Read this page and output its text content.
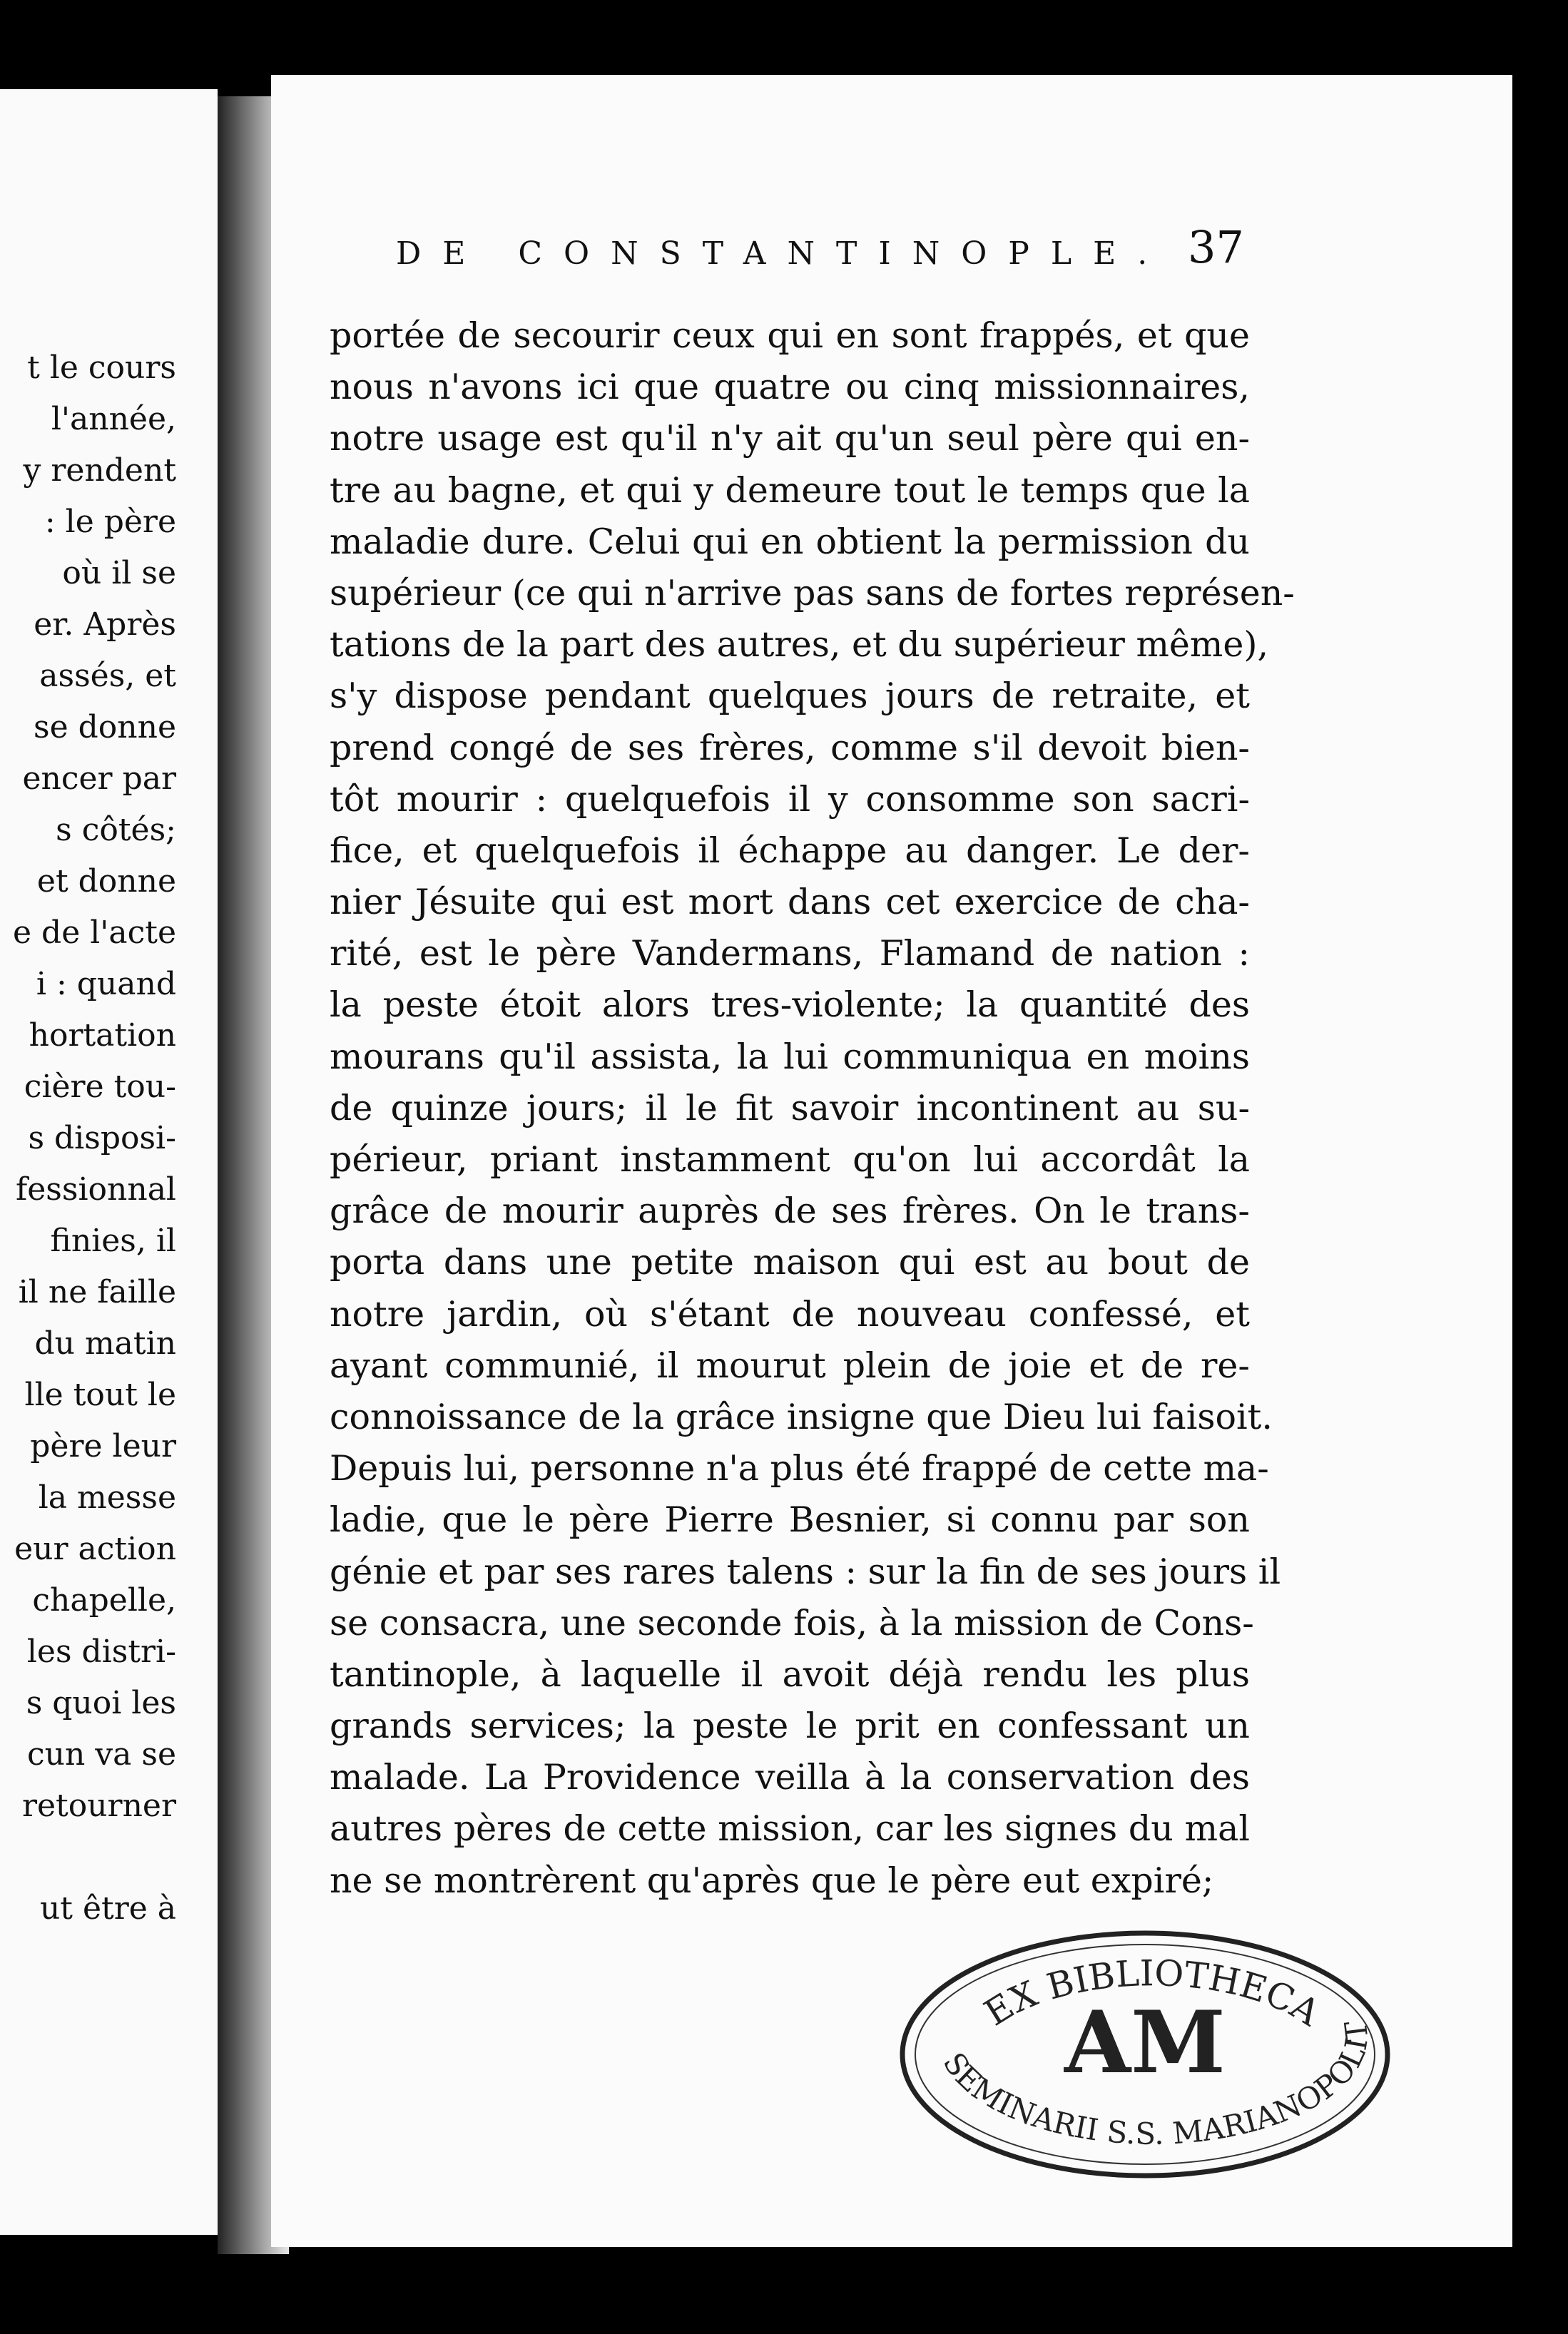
t le cours
l'année,
y rendent
: le père
où il se
er. Après
assés, et
se donne
encer par
s côtés;
et donne
e de l'acte
i : quand
hortation
cière tou-
s disposi-
fessionnal
finies, il
il ne faille
du matin
lle tout le
père leur
la messe
eur action
chapelle,
les distri-
s quoi les
cun va se
retourner
ut être à
DE CONSTANTINOPLE. 37
portée de secourir ceux qui en sont frappés, et que
nous n'avons ici que quatre ou cinq missionnaires,
notre usage est qu'il n'y ait qu'un seul père qui en-
tre au bagne, et qui y demeure tout le temps que la
maladie dure. Celui qui en obtient la permission du
supérieur (ce qui n'arrive pas sans de fortes représen-
tations de la part des autres, et du supérieur même),
s'y dispose pendant quelques jours de retraite, et
prend congé de ses frères, comme s'il devoit bien-
tôt mourir : quelquefois il y consomme son sacri-
fice, et quelquefois il échappe au danger. Le der-
nier Jésuite qui est mort dans cet exercice de cha-
rité, est le père Vandermans, Flamand de nation :
la peste étoit alors tres-violente; la quantité des
mourans qu'il assista, la lui communiqua en moins
de quinze jours; il le fit savoir incontinent au su-
périeur, priant instamment qu'on lui accordât la
grâce de mourir auprès de ses frères. On le trans-
porta dans une petite maison qui est au bout de
notre jardin, où s'étant de nouveau confessé, et
ayant communié, il mourut plein de joie et de re-
connoissance de la grâce insigne que Dieu lui faisoit.
Depuis lui, personne n'a plus été frappé de cette ma-
ladie, que le père Pierre Besnier, si connu par son
génie et par ses rares talens : sur la fin de ses jours il
se consacra, une seconde fois, à la mission de Cons-
tantinople, à laquelle il avoit déjà rendu les plus
grands services; la peste le prit en confessant un
malade. La Providence veilla à la conservation des
autres pères de cette mission, car les signes du mal
ne se montrèrent qu'après que le père eut expiré;
EX BIBLIOTHECA
AM
SEMINARII S.S. MARIANOPOLIT
